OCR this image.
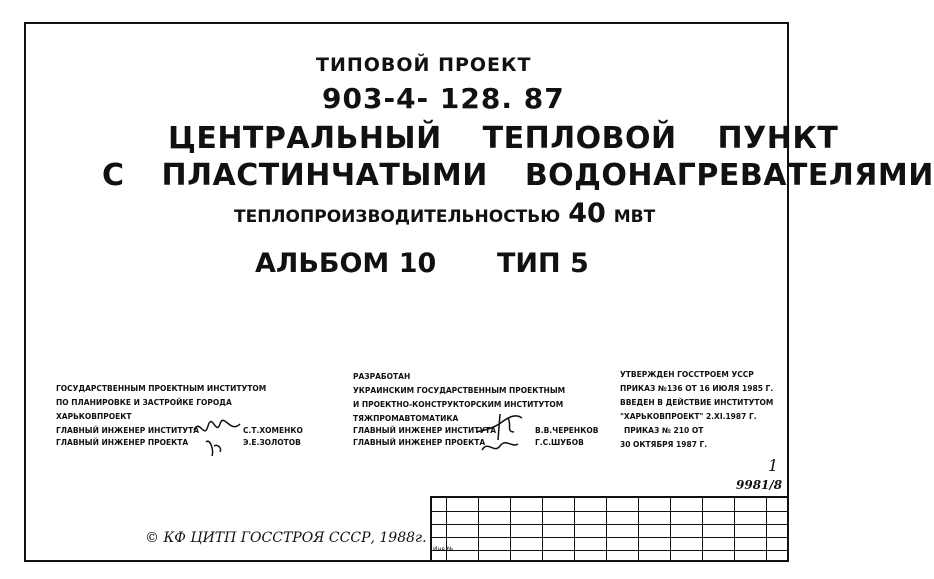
ТИПОВОЙ ПРОЕКТ
903-4- 128. 87
ЦЕНТРАЛЬНЫЙ ТЕПЛОВОЙ ПУНКТ
С ПЛАСТИНЧАТЫМИ ВОДОНАГРЕВАТЕЛЯМИ
ТЕПЛОПРОИЗВОДИТЕЛЬНОСТЬЮ 40 МВТ
АЛЬБОМ 10 ТИП 5
ГОСУДАРСТВЕННЫМ ПРОЕКТНЫМ ИНСТИТУТОМ
ПО ПЛАНИРОВКЕ И ЗАСТРОЙКЕ ГОРОДА
ХАРЬКОВПРОЕКТ
ГЛАВНЫЙ ИНЖЕНЕР ИНСТИТУТА	С.Т.ХОМЕНКО
ГЛАВНЫЙ ИНЖЕНЕР ПРОЕКТА	Э.Е.ЗОЛОТОВ
РАЗРАБОТАН
УКРАИНСКИМ ГОСУДАРСТВЕННЫМ ПРОЕКТНЫМ
И ПРОЕКТНО-КОНСТРУКТОРСКИМ ИНСТИТУТОМ
ТЯЖПРОМАВТОМАТИКА
ГЛАВНЫЙ ИНЖЕНЕР ИНСТИТУТА	В.В.ЧЕРЕНКОВ
ГЛАВНЫЙ ИНЖЕНЕР ПРОЕКТА	Г.С.ШУБОВ
УТВЕРЖДЕН ГОССТРОЕМ УССР
ПРИКАЗ №136 ОТ 16 ИЮЛЯ 1985 Г.
ВВЕДЕН В ДЕЙСТВИЕ ИНСТИТУТОМ
"ХАРЬКОВПРОЕКТ" 2.XI.1987 Г.
ПРИКАЗ № 210 ОТ
30 ОКТЯБРЯ 1987 Г.
1
9981/8
Инв.№
© КФ ЦИТП ГОССТРОЯ СССР, 1988г.
